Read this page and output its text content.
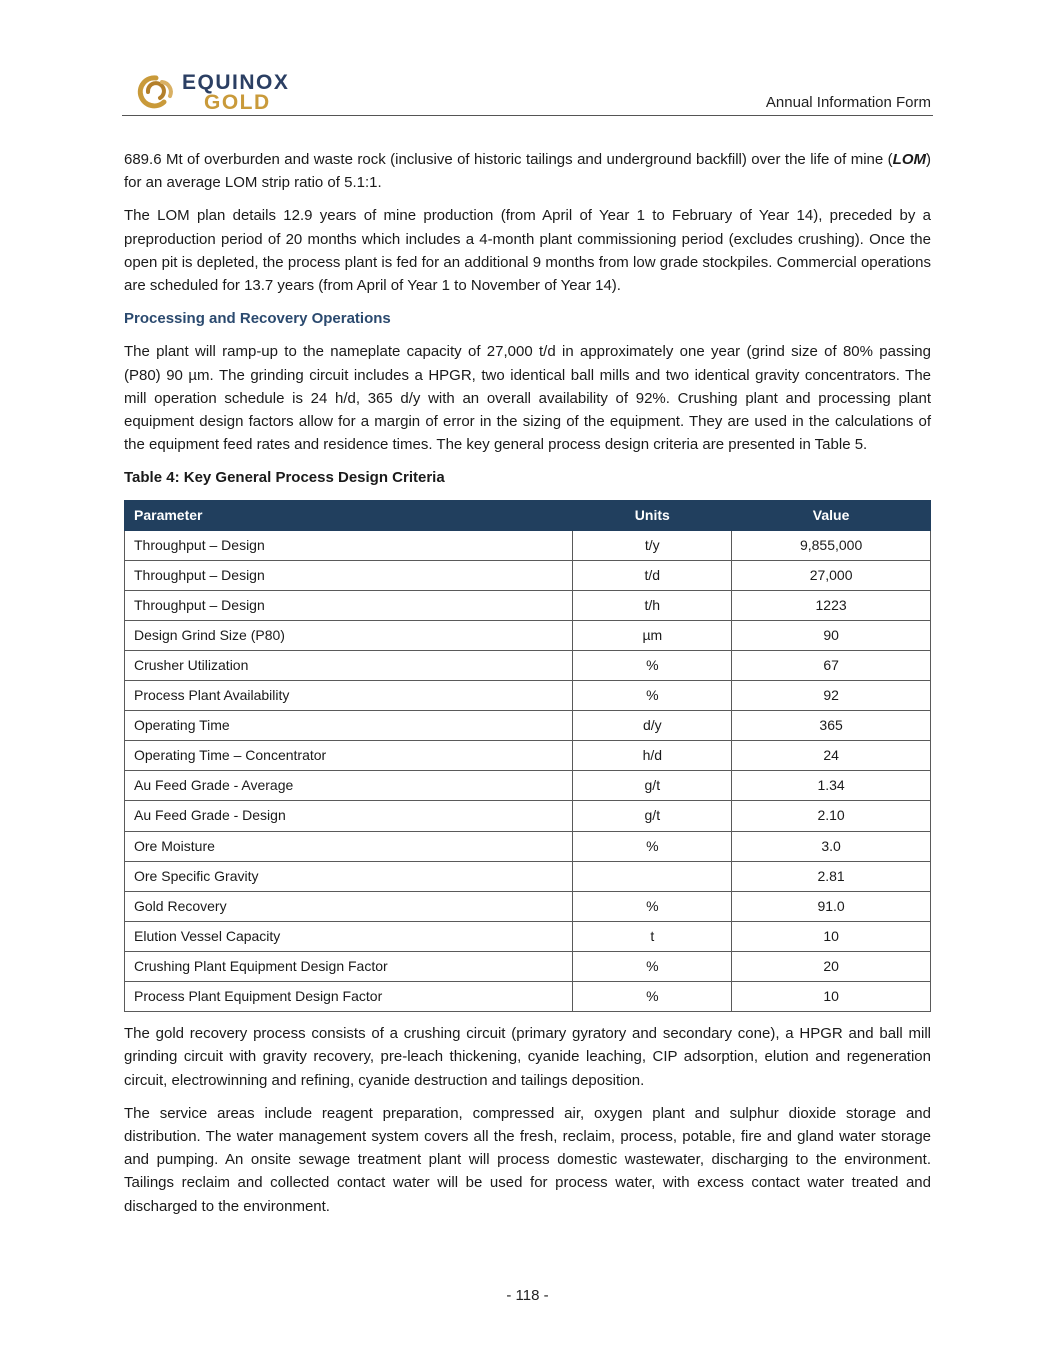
EQUINOX
GOLD	Annual Information Form

689.6 Mt of overburden and waste rock (inclusive of historic tailings and underground backfill) over the life of mine (LOM) for an average LOM strip ratio of 5.1:1.

The LOM plan details 12.9 years of mine production (from April of Year 1 to February of Year 14), preceded by a preproduction period of 20 months which includes a 4-month plant commissioning period (excludes crushing). Once the open pit is depleted, the process plant is fed for an additional 9 months from low grade stockpiles. Commercial operations are scheduled for 13.7 years (from April of Year 1 to November of Year 14).

Processing and Recovery Operations

The plant will ramp-up to the nameplate capacity of 27,000 t/d in approximately one year (grind size of 80% passing (P80) 90 µm. The grinding circuit includes a HPGR, two identical ball mills and two identical gravity concentrators. The mill operation schedule is 24 h/d, 365 d/y with an overall availability of 92%. Crushing plant and processing plant equipment design factors allow for a margin of error in the sizing of the equipment. They are used in the calculations of the equipment feed rates and residence times. The key general process design criteria are presented in Table 5.

Table 4: Key General Process Design Criteria
Parameter	Units	Value
Throughput – Design	t/y	9,855,000
Throughput – Design	t/d	27,000
Throughput – Design	t/h	1223
Design Grind Size (P80)	µm	90
Crusher Utilization	%	67
Process Plant Availability	%	92
Operating Time	d/y	365
Operating Time – Concentrator	h/d	24
Au Feed Grade - Average	g/t	1.34
Au Feed Grade - Design	g/t	2.10
Ore Moisture	%	3.0
Ore Specific Gravity		2.81
Gold Recovery	%	91.0
Elution Vessel Capacity	t	10
Crushing Plant Equipment Design Factor	%	20
Process Plant Equipment Design Factor	%	10

The gold recovery process consists of a crushing circuit (primary gyratory and secondary cone), a HPGR and ball mill grinding circuit with gravity recovery, pre-leach thickening, cyanide leaching, CIP adsorption, elution and regeneration circuit, electrowinning and refining, cyanide destruction and tailings deposition.

The service areas include reagent preparation, compressed air, oxygen plant and sulphur dioxide storage and distribution. The water management system covers all the fresh, reclaim, process, potable, fire and gland water storage and pumping. An onsite sewage treatment plant will process domestic wastewater, discharging to the environment. Tailings reclaim and collected contact water will be used for process water, with excess contact water treated and discharged to the environment.

- 118 -
